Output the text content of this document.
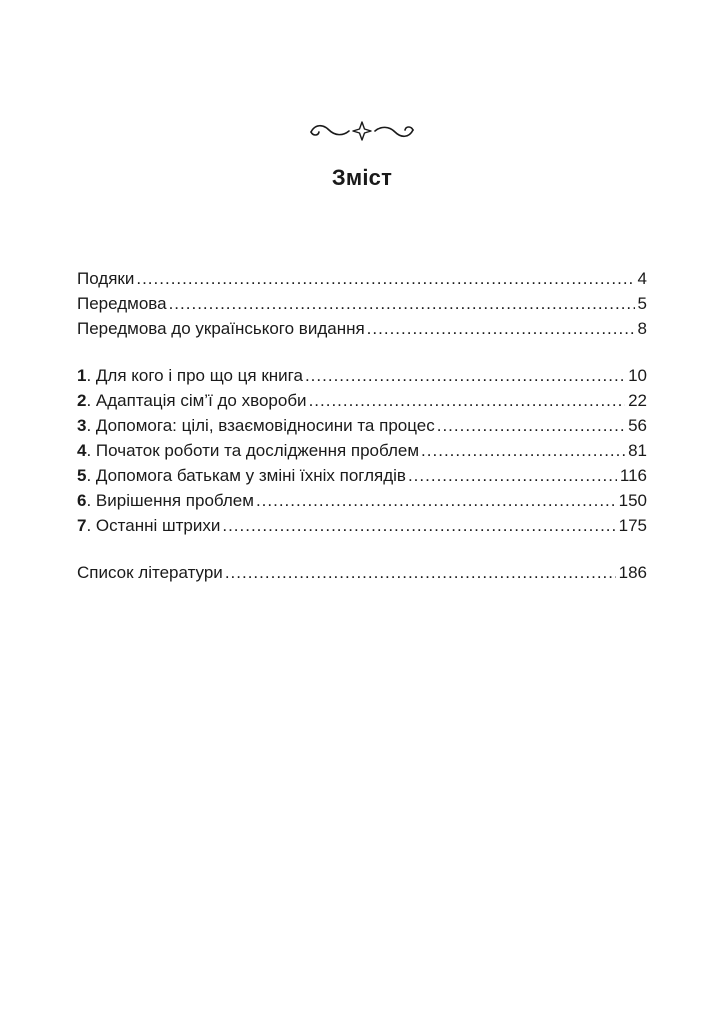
Зміст
Подяки .....	4
Передмова .....	5
Передмова до українського видання .....	8
1 . Для кого і про що ця книга .....	10
2 . Адаптація сім’ї до хвороби .....	22
3 . Допомога: цілі, взаємовідносини та процес .....	56
4 . Початок роботи та дослідження проблем .....	81
5 . Допомога батькам у зміні їхніх поглядів .....	116
6 . Вирішення проблем .....	150
7 . Останні штрихи .....	175
Список літератури .....	186
